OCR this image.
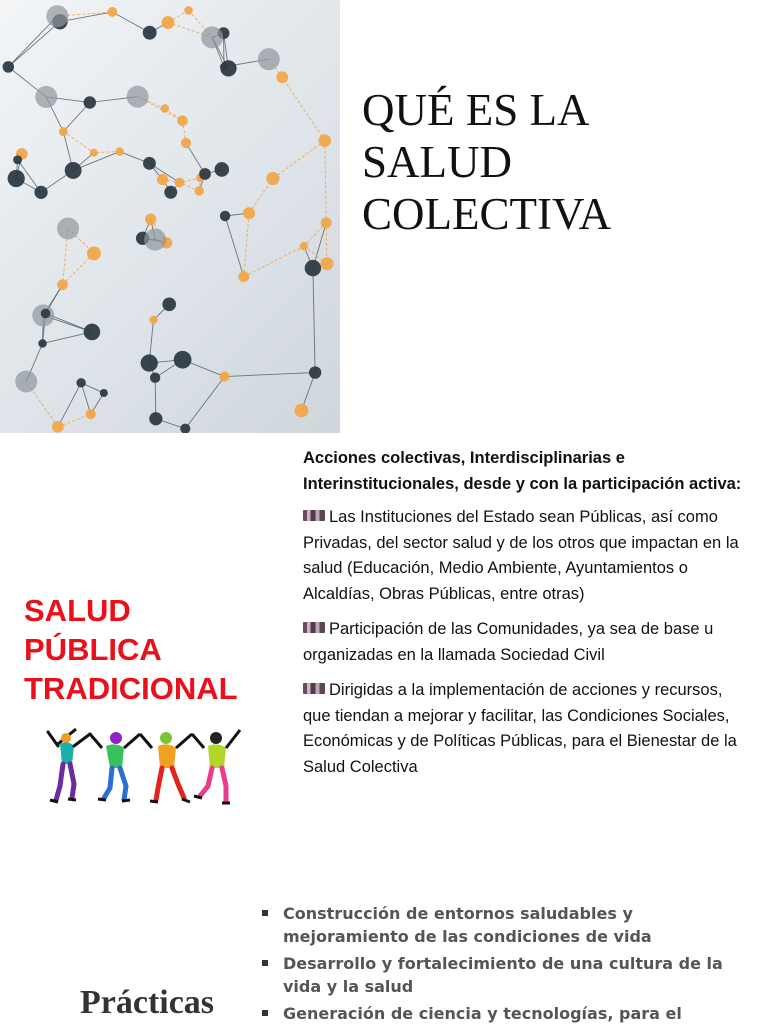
QUÉ ES LA
SALUD
COLECTIVA
SALUD
PÚBLICA
TRADICIONAL

Acciones colectivas, Interdisciplinarias e Interinstitucionales, desde y con la participación activa:

Las Instituciones del Estado sean Públicas, así como Privadas, del sector salud y de los otros que impactan en la salud (Educación, Medio Ambiente, Ayuntamientos o Alcaldías, Obras Públicas, entre otras)

Participación de las Comunidades, ya sea de base u organizadas en la llamada Sociedad Civil

Dirigidas a la implementación de acciones y recursos, que tiendan a mejorar y facilitar, las Condiciones Sociales, Económicas y de Políticas Públicas, para el Bienestar de la Salud Colectiva

Construcción de entornos saludables y mejoramiento de las condiciones de vida
Desarrollo y fortalecimiento de una cultura de la vida y la salud
Generación de ciencia y tecnologías, para el
Prácticas
